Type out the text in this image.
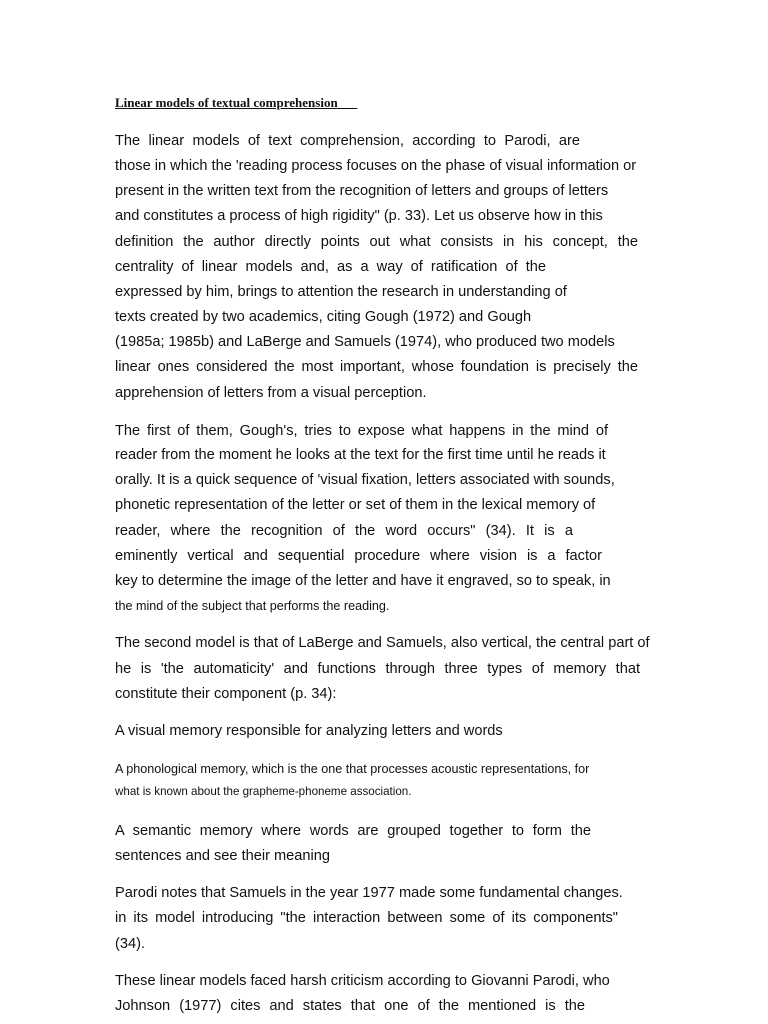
Linear models of textual comprehension
The linear models of text comprehension, according to Parodi, are
those in which the 'reading process focuses on the phase of visual information or
present in the written text from the recognition of letters and groups of letters
and constitutes a process of high rigidity" (p. 33). Let us observe how in this
definition the author directly points out what consists in his concept, the
centrality of linear models and, as a way of ratification of the
expressed by him, brings to attention the research in understanding of
texts created by two academics, citing Gough (1972) and Gough
(1985a; 1985b) and LaBerge and Samuels (1974), who produced two models
linear ones considered the most important, whose foundation is precisely the
apprehension of letters from a visual perception.
The first of them, Gough's, tries to expose what happens in the mind of
reader from the moment he looks at the text for the first time until he reads it
orally. It is a quick sequence of 'visual fixation, letters associated with sounds,
phonetic representation of the letter or set of them in the lexical memory of
reader, where the recognition of the word occurs" (34). It is a
eminently vertical and sequential procedure where vision is a factor
key to determine the image of the letter and have it engraved, so to speak, in
the mind of the subject that performs the reading.
The second model is that of LaBerge and Samuels, also vertical, the central part of
he is 'the automaticity' and functions through three types of memory that
constitute their component (p. 34):
A visual memory responsible for analyzing letters and words
A phonological memory, which is the one that processes acoustic representations, for
what is known about the grapheme-phoneme association.
A semantic memory where words are grouped together to form the
sentences and see their meaning
Parodi notes that Samuels in the year 1977 made some fundamental changes.
in its model introducing "the interaction between some of its components"
(34).
These linear models faced harsh criticism according to Giovanni Parodi, who
Johnson (1977) cites and states that one of the mentioned is the
